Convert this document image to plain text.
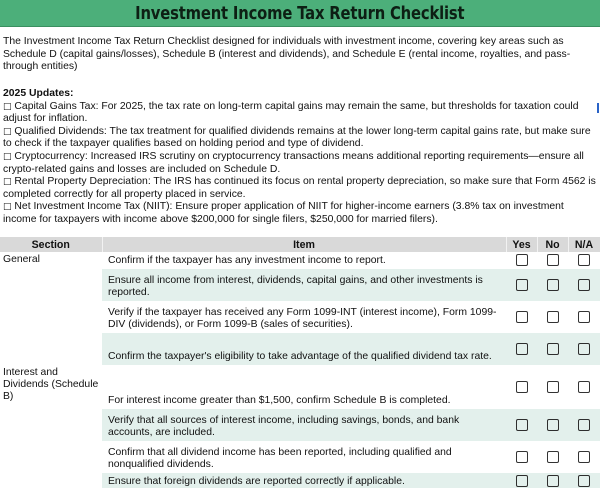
Investment Income Tax Return Checklist

The Investment Income Tax Return Checklist designed for individuals with investment income, covering key areas such as Schedule D (capital gains/losses), Schedule B (interest and dividends), and Schedule E (rental income, royalties, and pass-through entities)

2025 Updates:
□ Capital Gains Tax: For 2025, the tax rate on long-term capital gains may remain the same, but thresholds for taxation could adjust for inflation.
□ Qualified Dividends: The tax treatment for qualified dividends remains at the lower long-term capital gains rate, but make sure to check if the taxpayer qualifies based on holding period and type of dividend.
□ Cryptocurrency: Increased IRS scrutiny on cryptocurrency transactions means additional reporting requirements—ensure all crypto-related gains and losses are included on Schedule D.
□ Rental Property Depreciation: The IRS has continued its focus on rental property depreciation, so make sure that Form 4562 is completed correctly for all property placed in service.
□ Net Investment Income Tax (NIIT): Ensure proper application of NIIT for higher-income earners (3.8% tax on investment income for taxpayers with income above $200,000 for single filers, $250,000 for married filers).
Section	Item	Yes	No	N/A
General	Confirm if the taxpayer has any investment income to report.			
	Ensure all income from interest, dividends, capital gains, and other investments is reported.			
	Verify if the taxpayer has received any Form 1099-INT (interest income), Form 1099-DIV (dividends), or Form 1099-B (sales of securities).			
	Confirm the taxpayer's eligibility to take advantage of the qualified dividend tax rate.			
Interest and Dividends (Schedule B)	For interest income greater than $1,500, confirm Schedule B is completed.			
	Verify that all sources of interest income, including savings, bonds, and bank accounts, are included.			
	Confirm that all dividend income has been reported, including qualified and nonqualified dividends.			
	Ensure that foreign dividends are reported correctly if applicable.			
